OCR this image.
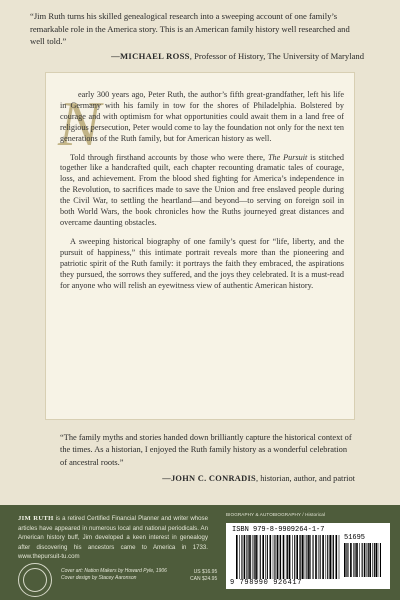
“Jim Ruth turns his skilled genealogical research into a sweeping account of one family’s remarkable role in the America story. This is an American family history well researched and well told.”
—MICHAEL ROSS, Professor of History, The University of Maryland
N

early 300 years ago, Peter Ruth, the author’s fifth great-grandfather, left his life in Germany with his family in tow for the shores of Philadelphia. Bolstered by courage and with optimism for what opportunities could await them in a land free of religious persecution, Peter would come to lay the foundation not only for the next ten generations of the Ruth family, but for American history as well.

Told through firsthand accounts by those who were there, The Pursuit is stitched together like a handcrafted quilt, each chapter recounting dramatic tales of courage, loss, and achievement. From the blood shed fighting for America’s independence in the Revolution, to sacrifices made to save the Union and free enslaved people during the Civil War, to settling the heartland—and beyond—to serving on foreign soil in both World Wars, the book chronicles how the Ruths journeyed great distances and overcame daunting obstacles.

A sweeping historical biography of one family’s quest for “life, liberty, and the pursuit of happiness,” this intimate portrait reveals more than the pioneering and patriotic spirit of the Ruth family: it portrays the faith they embraced, the aspirations they pursued, the sorrows they suffered, and the joys they celebrated. It is a must-read for anyone who will relish an eyewitness view of authentic American history.

“The family myths and stories handed down brilliantly capture the historical context of the times. As a historian, I enjoyed the Ruth family history as a wonderful celebration of ancestral roots.”
—JOHN C. CONRADIS, historian, author, and patriot
JIM RUTH is a retired Certified Financial Planner and writer whose articles have appeared in numerous local and national periodicals. An American history buff, Jim developed a keen interest in genealogy after discovering his ancestors came to America in 1733. www.thepursuit-tu.com
Cover art: Nation Makers by Howard Pyle, 1906
Cover design by Stacey Aaronson
US $16.95
CAN $24.95
BIOGRAPHY & AUTOBIOGRAPHY / Historical
ISBN 979-8-9909264-1-7
51695
9 798990 926417
